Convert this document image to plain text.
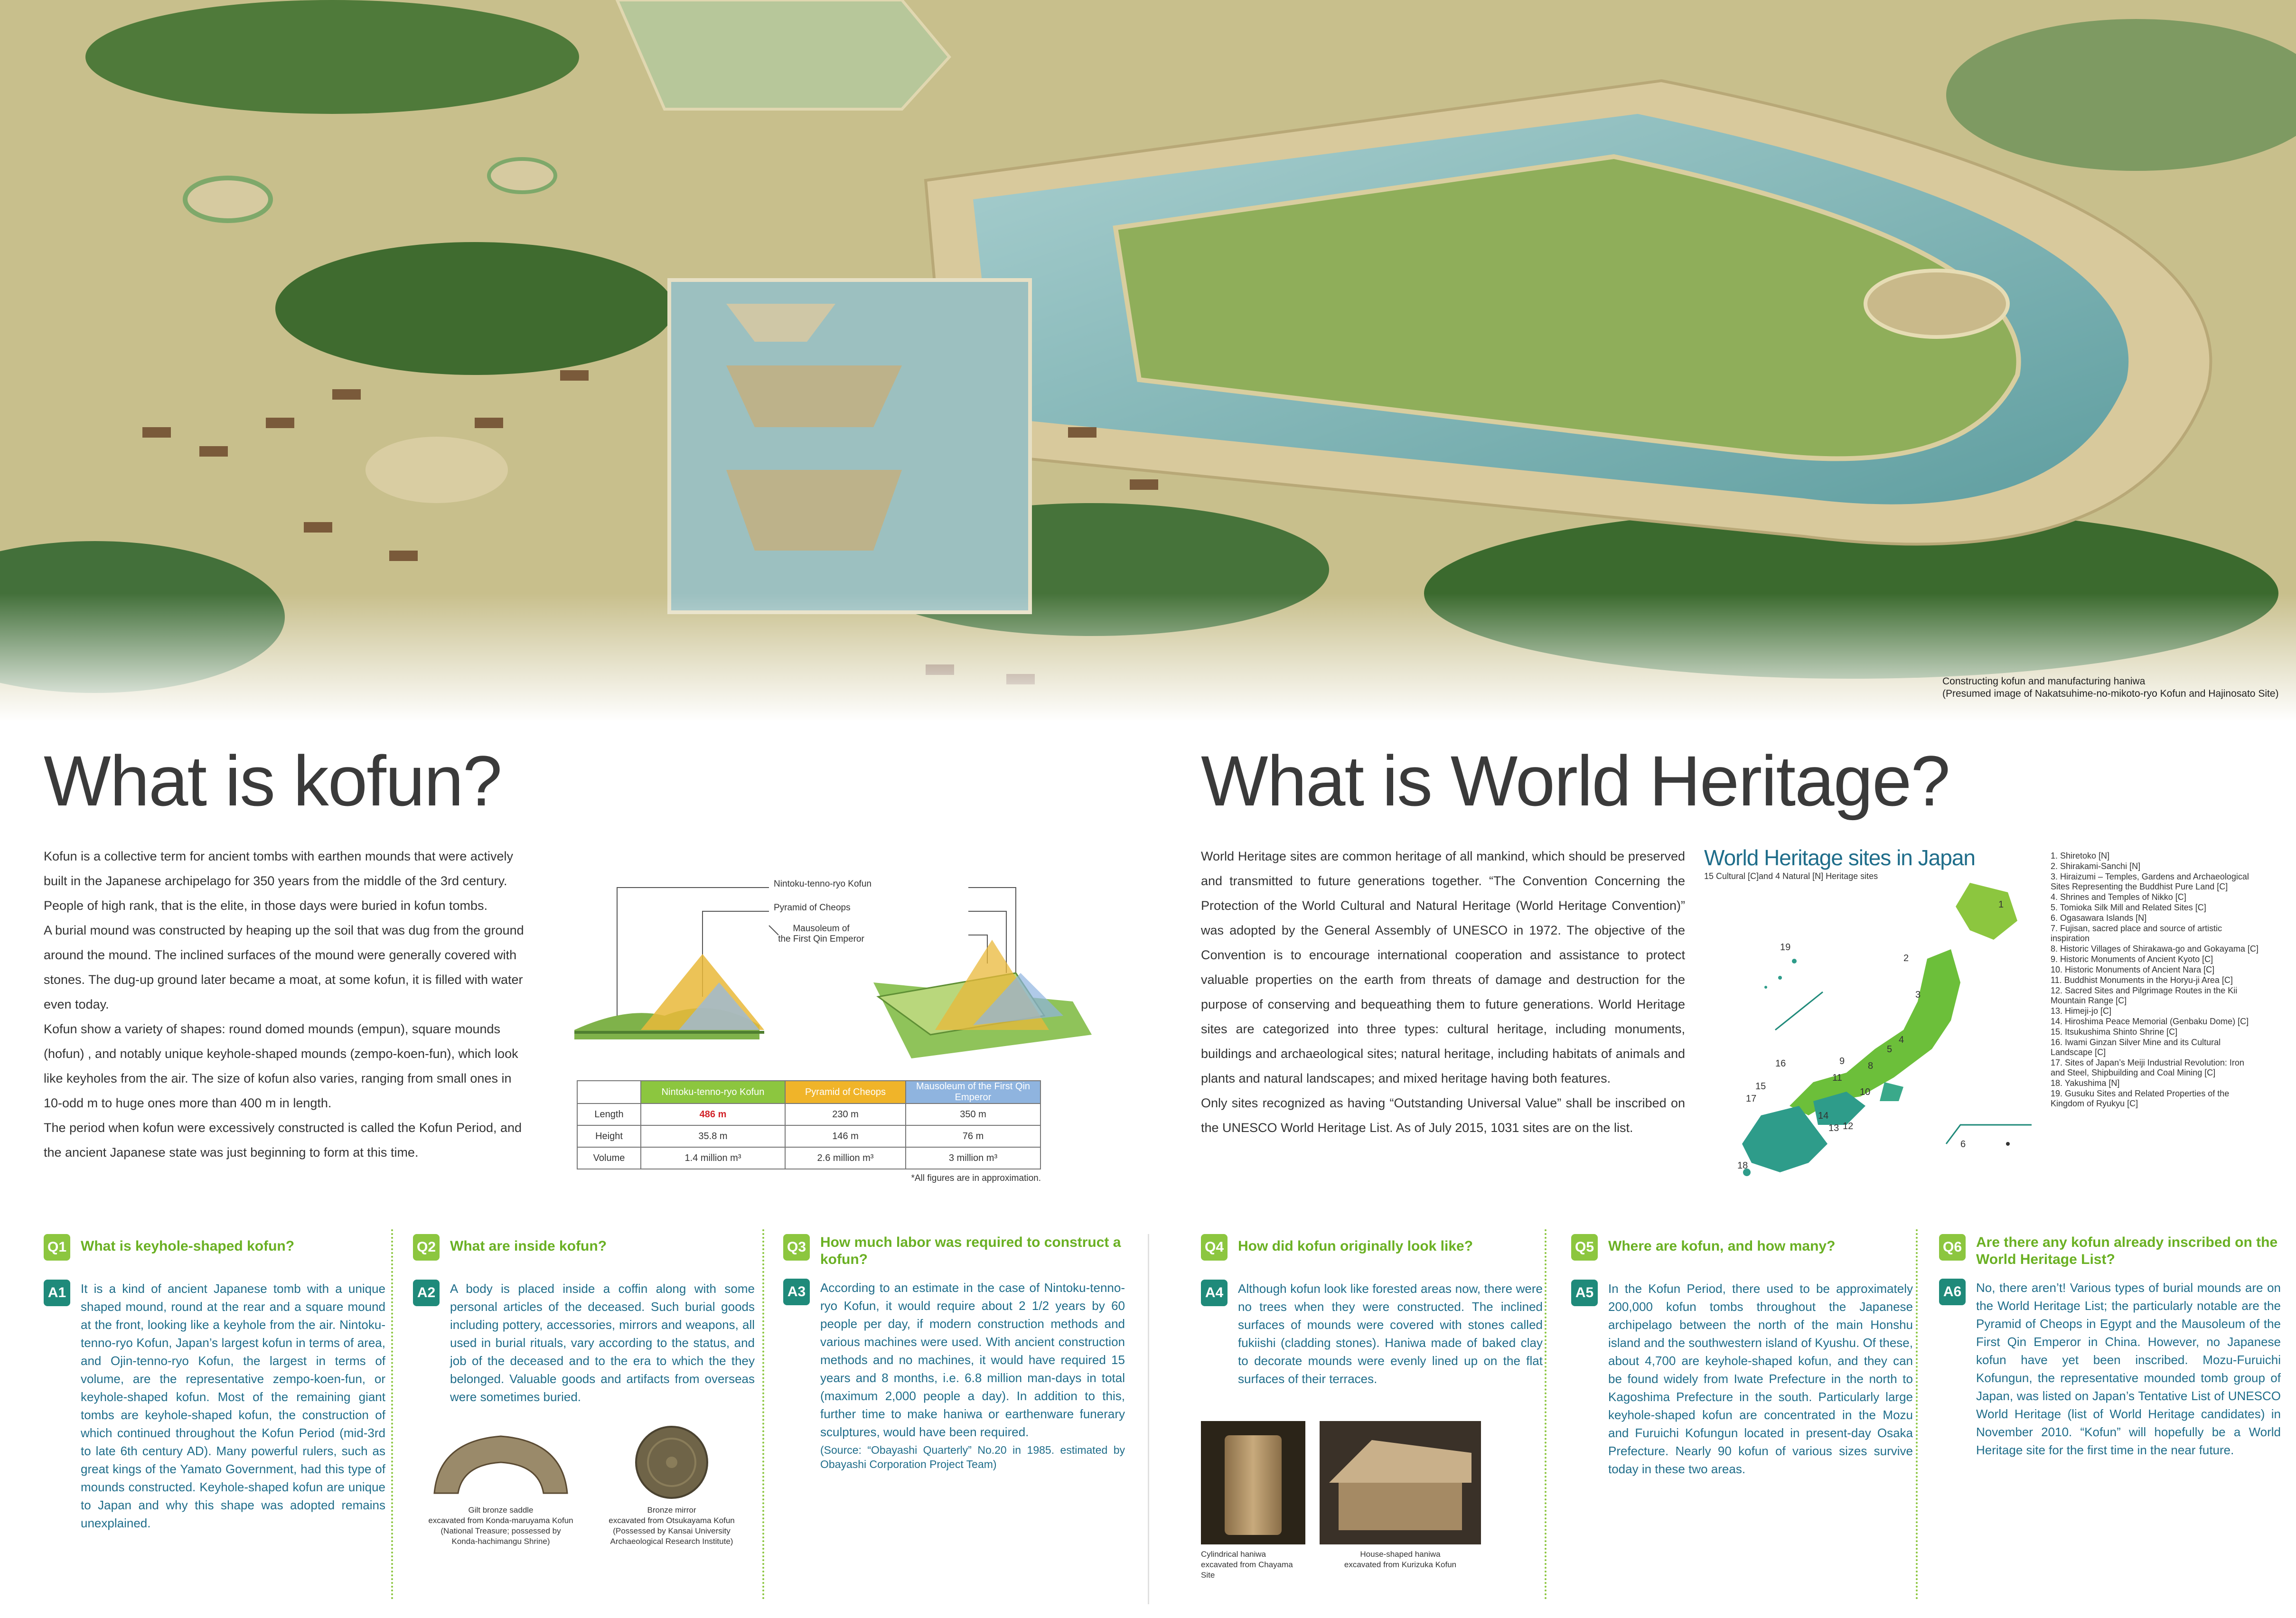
Constructing kofun and manufacturing haniwa
(Presumed image of Nakatsuhime-no-mikoto-ryo Kofun and Hajinosato Site)
What is kofun?

Kofun is a collective term for ancient tombs with earthen mounds that were actively built in the Japanese archipelago for 350 years from the middle of the 3rd century.

People of high rank, that is the elite, in those days were buried in kofun tombs.

A burial mound was constructed by heaping up the soil that was dug from the ground around the mound. The inclined surfaces of the mound were generally covered with stones. The dug-up ground later became a moat, at some kofun, it is filled with water even today.

Kofun show a variety of shapes: round domed mounds (empun), square mounds (hofun) , and notably unique keyhole-shaped mounds (zempo-koen-fun), which look like keyholes from the air. The size of kofun also varies, ranging from small ones in 10-odd m to huge ones more than 400 m in length.

The period when kofun were excessively constructed is called the Kofun Period, and the ancient Japanese state was just beginning to form at this time.

Nintoku-tenno-ryo Kofun
Pyramid of Cheops
Mausoleum of
the First Qin Emperor
	Nintoku-tenno-ryo Kofun	Pyramid of Cheops	Mausoleum of the First Qin Emperor
Length	486 m	230 m	350 m
Height	35.8 m	146 m	76 m
Volume	1.4 million m³	2.6 million m³	3 million m³
*All figures are in approximation.
What is World Heritage?

World Heritage sites are common heritage of all mankind, which should be preserved and transmitted to future generations together. “The Convention Concerning the Protection of the World Cultural and Natural Heritage (World Heritage Convention)” was adopted by the General Assembly of UNESCO in 1972. The objective of the Convention is to encourage international cooperation and assistance to protect valuable properties on the earth from threats of damage and destruction for the purpose of conserving and bequeathing them to future generations. World Heritage sites are categorized into three types: cultural heritage, including monuments, buildings and archaeological sites; natural heritage, including habitats of animals and plants and natural landscapes; and mixed heritage having both features.

Only sites recognized as having “Outstanding Universal Value” shall be inscribed on the UNESCO World Heritage List. As of July 2015, 1031 sites are on the list.

World Heritage sites in Japan
15 Cultural [C]and 4 Natural [N] Heritage sites
1
2
3
4
5
6
8
9
10
11
12
13
14
15
16
17
18
19
1. Shiretoko [N]
2. Shirakami-Sanchi [N]
3. Hiraizumi – Temples, Gardens and Archaeological Sites Representing the Buddhist Pure Land [C]
4. Shrines and Temples of Nikko [C]
5. Tomioka Silk Mill and Related Sites [C]
6. Ogasawara Islands [N]
7. Fujisan, sacred place and source of artistic inspiration
8. Historic Villages of Shirakawa-go and Gokayama [C]
9. Historic Monuments of Ancient Kyoto [C]
10. Historic Monuments of Ancient Nara [C]
11. Buddhist Monuments in the Horyu-ji Area [C]
12. Sacred Sites and Pilgrimage Routes in the Kii Mountain Range [C]
13. Himeji-jo [C]
14. Hiroshima Peace Memorial (Genbaku Dome) [C]
15. Itsukushima Shinto Shrine [C]
16. Iwami Ginzan Silver Mine and its Cultural Landscape [C]
17. Sites of Japan’s Meiji Industrial Revolution: Iron and Steel, Shipbuilding and Coal Mining [C]
18. Yakushima [N]
19. Gusuku Sites and Related Properties of the Kingdom of Ryukyu [C]
Q1 What is keyhole-shaped kofun?
A1	It is a kind of ancient Japanese tomb with a unique shaped mound, round at the rear and a square mound at the front, looking like a keyhole from the air. Nintoku-tenno-ryo Kofun, Japan’s largest kofun in terms of area, and Ojin-tenno-ryo Kofun, the largest in terms of volume, are the representative zempo-koen-fun, or keyhole-shaped kofun. Most of the remaining giant tombs are keyhole-shaped kofun, the construction of which continued throughout the Kofun Period (mid-3rd to late 6th century AD). Many powerful rulers, such as great kings of the Yamato Government, had this type of mounds constructed. Keyhole-shaped kofun are unique to Japan and why this shape was adopted remains unexplained.
Q2 What are inside kofun?
A2	A body is placed inside a coffin along with some personal articles of the deceased. Such burial goods including pottery, accessories, mirrors and weapons, all used in burial rituals, vary according to the status, and job of the deceased and to the era to which the they belonged. Valuable goods and artifacts from overseas were sometimes buried.
Gilt bronze saddle
excavated from Konda-maruyama Kofun
(National Treasure; possessed by
Konda-hachimangu Shrine)
Bronze mirror
excavated from Otsukayama Kofun
(Possessed by Kansai University
Archaeological Research Institute)
Q3 How much labor was required to construct a kofun?
A3	According to an estimate in the case of Nintoku-tenno-ryo Kofun, it would require about 2 1/2 years by 60 people per day, if modern construction methods and various machines were used. With ancient construction methods and no machines, it would have required 15 years and 8 months, i.e. 6.8 million man-days in total (maximum 2,000 people a day). In addition to this, further time to make haniwa or earthenware funerary sculptures, would have been required.
(Source: “Obayashi Quarterly” No.20 in 1985. estimated by Obayashi Corporation Project Team)
Q4 How did kofun originally look like?
A4	Although kofun look like forested areas now, there were no trees when they were constructed. The inclined surfaces of mounds were covered with stones called fukiishi (cladding stones). Haniwa made of baked clay to decorate mounds were evenly lined up on the flat surfaces of their terraces.
Cylindrical haniwa
excavated from Chayama Site
House-shaped haniwa
excavated from Kurizuka Kofun
Q5 Where are kofun, and how many?
A5	In the Kofun Period, there used to be approximately 200,000 kofun tombs throughout the Japanese archipelago between the north of the main Honshu island and the southwestern island of Kyushu. Of these, about 4,700 are keyhole-shaped kofun, and they can be found widely from Iwate Prefecture in the north to Kagoshima Prefecture in the south. Particularly large keyhole-shaped kofun are concentrated in the Mozu and Furuichi Kofungun located in present-day Osaka Prefecture. Nearly 90 kofun of various sizes survive today in these two areas.
Q6 Are there any kofun already inscribed on the World Heritage List?
A6	No, there aren’t! Various types of burial mounds are on the World Heritage List; the particularly notable are the Pyramid of Cheops in Egypt and the Mausoleum of the First Qin Emperor in China. However, no Japanese kofun have yet been inscribed. Mozu-Furuichi Kofungun, the representative mounded tomb group of Japan, was listed on Japan’s Tentative List of UNESCO World Heritage (list of World Heritage candidates) in November 2010. “Kofun” will hopefully be a World Heritage site for the first time in the near future.
